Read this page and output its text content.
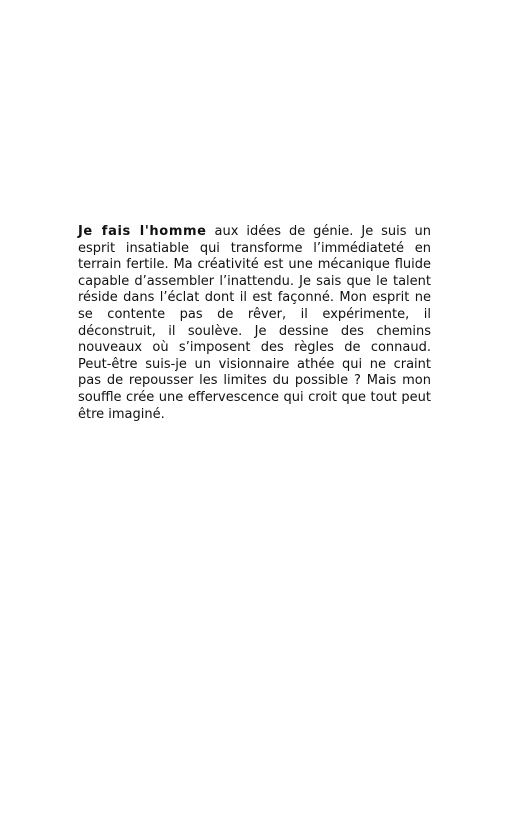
Je fais l'homme aux idées de génie. Je suis un esprit insatiable qui transforme l’immédiateté en terrain fertile. Ma créativité est une mécanique fluide capable d’assembler l’inattendu. Je sais que le talent réside dans l’éclat dont il est façonné. Mon esprit ne se contente pas de rêver, il expérimente, il déconstruit, il soulève. Je dessine des chemins nouveaux où s’imposent des règles de connaud. Peut-être suis-je un visionnaire athée qui ne craint pas de repousser les limites du possible ? Mais mon souffle crée une effervescence qui croit que tout peut être imaginé.
